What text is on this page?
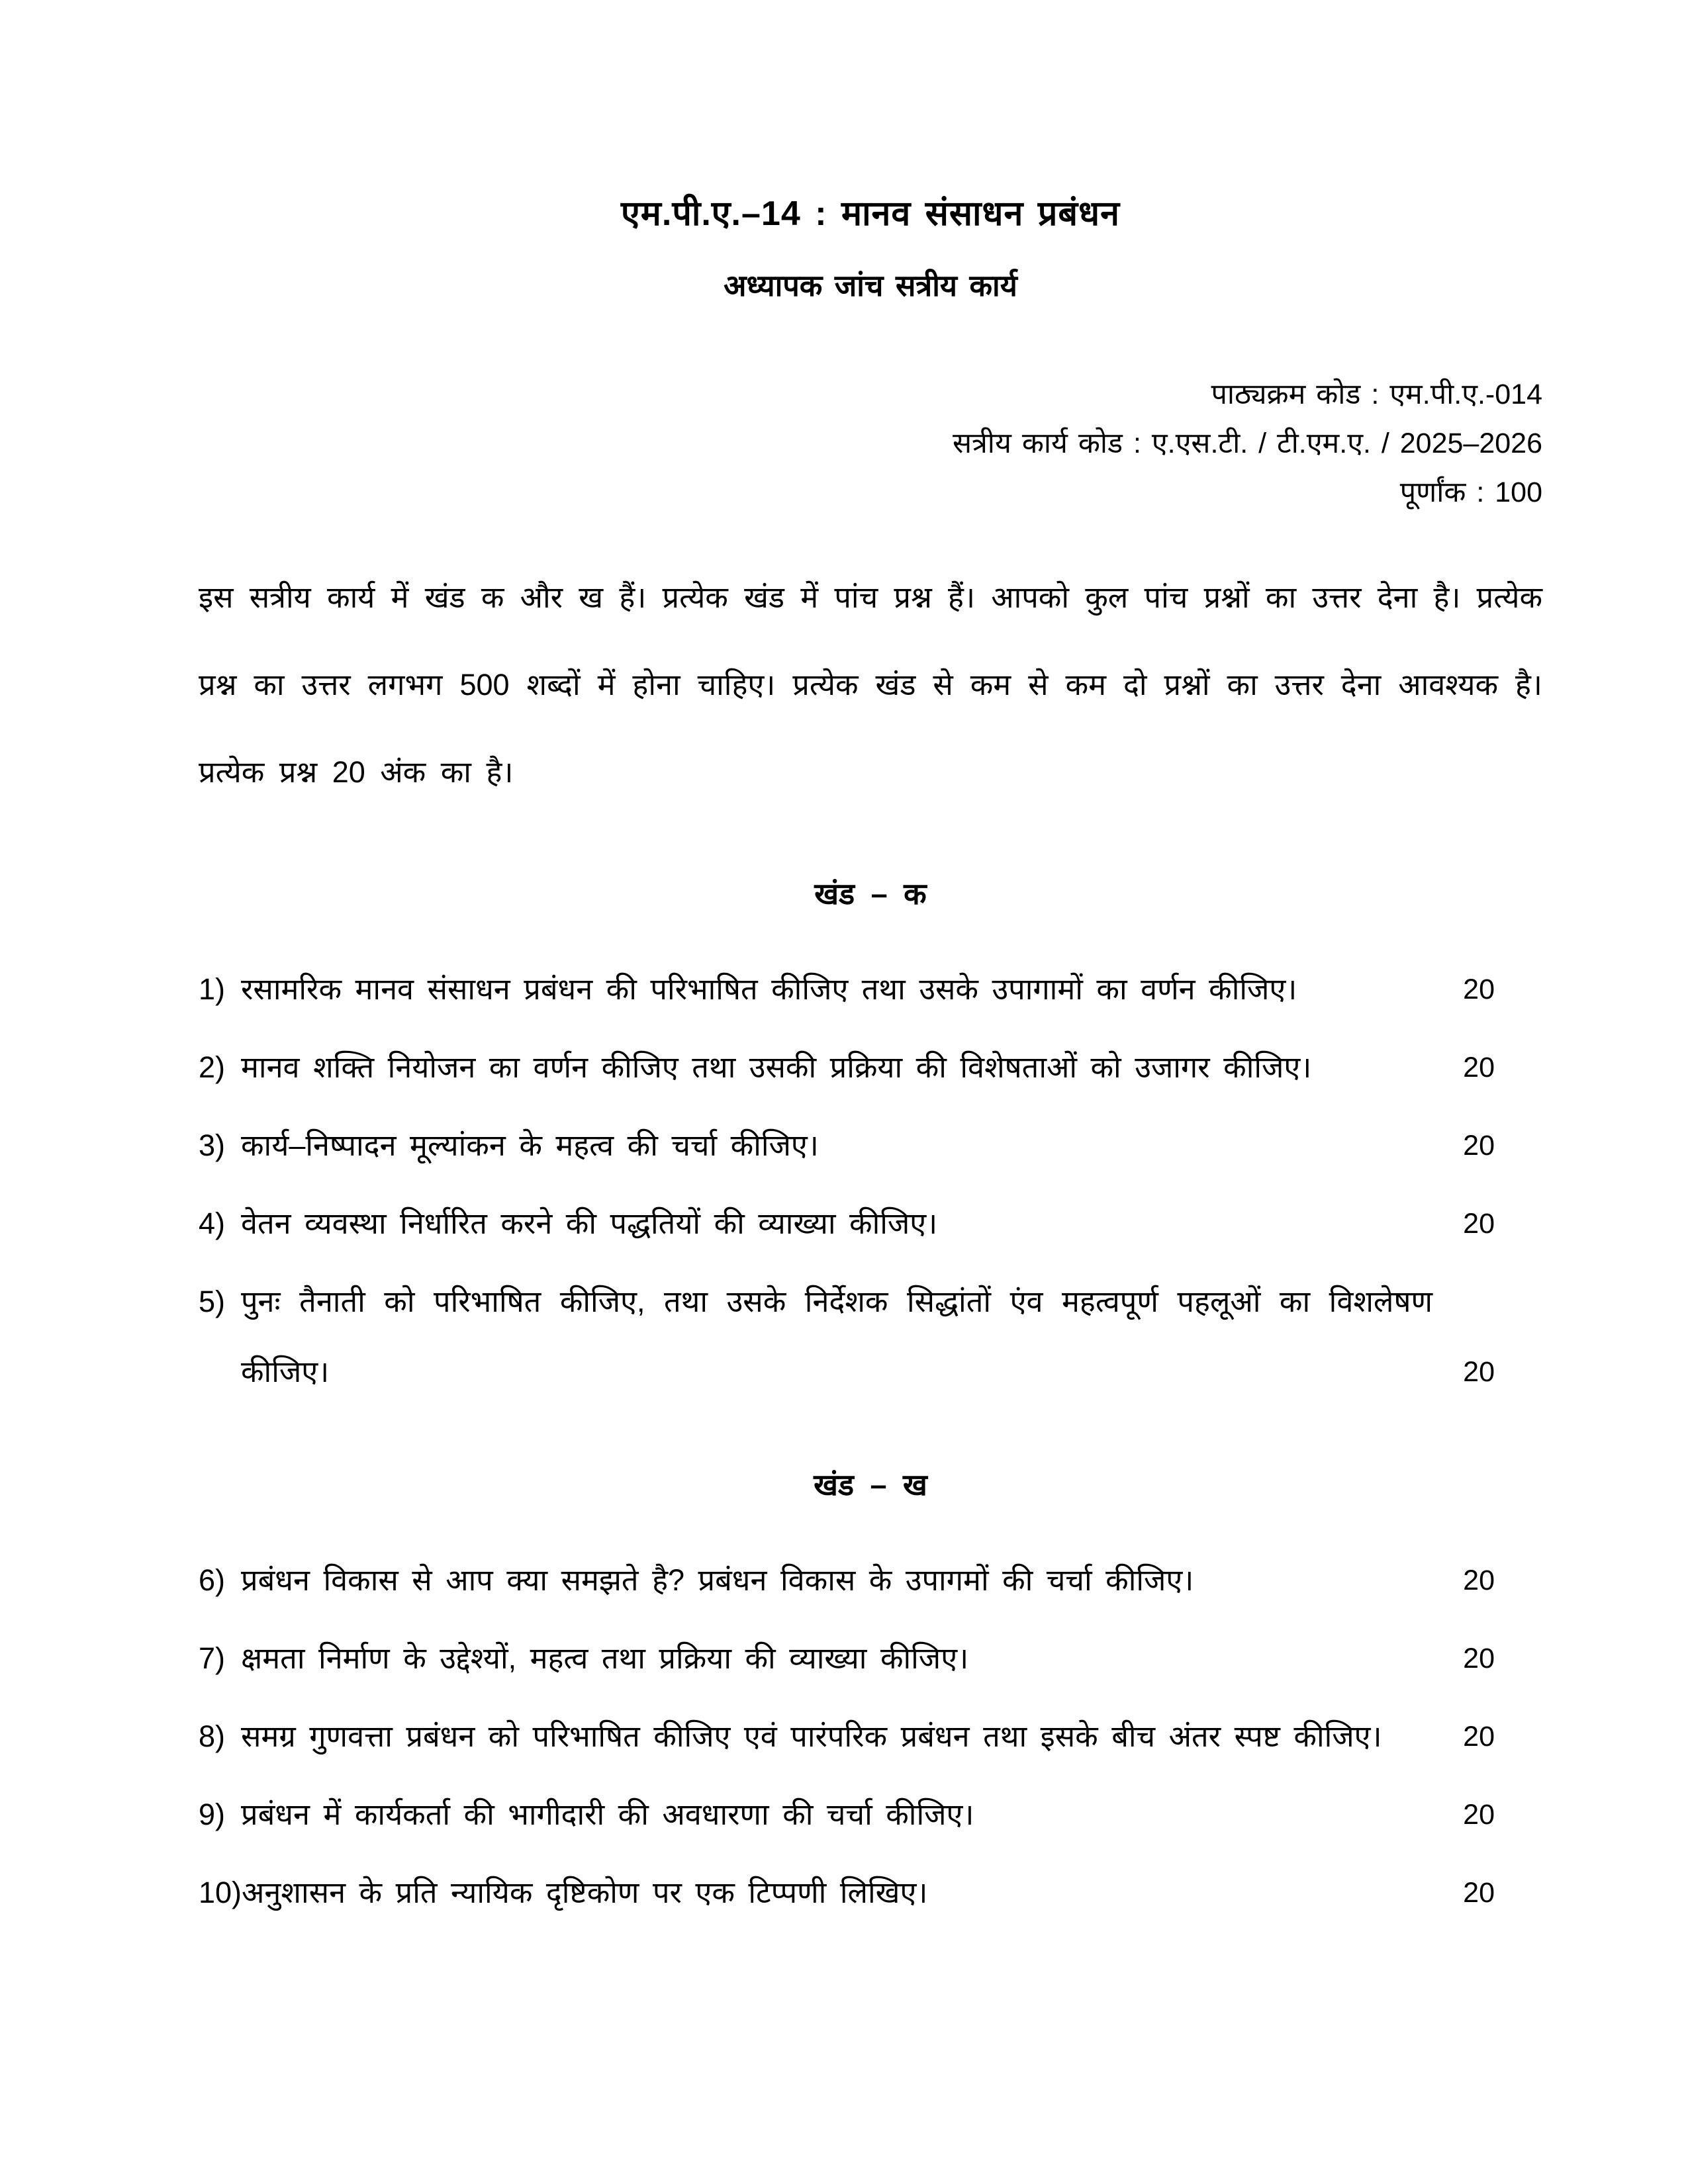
एम.पी.ए.–14 : मानव संसाधन प्रबंधन
अध्यापक जांच सत्रीय कार्य
पाठ्यक्रम कोड : एम.पी.ए.-014
सत्रीय कार्य कोड : ए.एस.टी. / टी.एम.ए. / 2025–2026
पूर्णांक : 100

इस सत्रीय कार्य में खंड क और ख हैं। प्रत्येक खंड में पांच प्रश्न हैं। आपको कुल पांच प्रश्नों का उत्तर देना है। प्रत्येक प्रश्न का उत्तर लगभग 500 शब्दों में होना चाहिए। प्रत्येक खंड से कम से कम दो प्रश्नों का उत्तर देना आवश्यक है। प्रत्येक प्रश्न 20 अंक का है।

खंड – क
1) रसामरिक मानव संसाधन प्रबंधन की परिभाषित कीजिए तथा उसके उपागामों का वर्णन कीजिए।	20
2) मानव शक्ति नियोजन का वर्णन कीजिए तथा उसकी प्रक्रिया की विशेषताओं को उजागर कीजिए।	20
3) कार्य–निष्पादन मूल्यांकन के महत्व की चर्चा कीजिए।	20
4) वेतन व्यवस्था निर्धारित करने की पद्धतियों की व्याख्या कीजिए।	20
5) पुनः तैनाती को परिभाषित कीजिए, तथा उसके निर्देशक सिद्धांतों एंव महत्वपूर्ण पहलूओं का विशलेषण कीजिए।	20
खंड – ख
6) प्रबंधन विकास से आप क्या समझते है? प्रबंधन विकास के उपागमों की चर्चा कीजिए।	20
7) क्षमता निर्माण के उद्देश्यों, महत्व तथा प्रक्रिया की व्याख्या कीजिए।	20
8) समग्र गुणवत्ता प्रबंधन को परिभाषित कीजिए एवं पारंपरिक प्रबंधन तथा इसके बीच अंतर स्पष्ट कीजिए।	20
9) प्रबंधन में कार्यकर्ता की भागीदारी की अवधारणा की चर्चा कीजिए।	20
10)अनुशासन के प्रति न्यायिक दृष्टिकोण पर एक टिप्पणी लिखिए।	20
